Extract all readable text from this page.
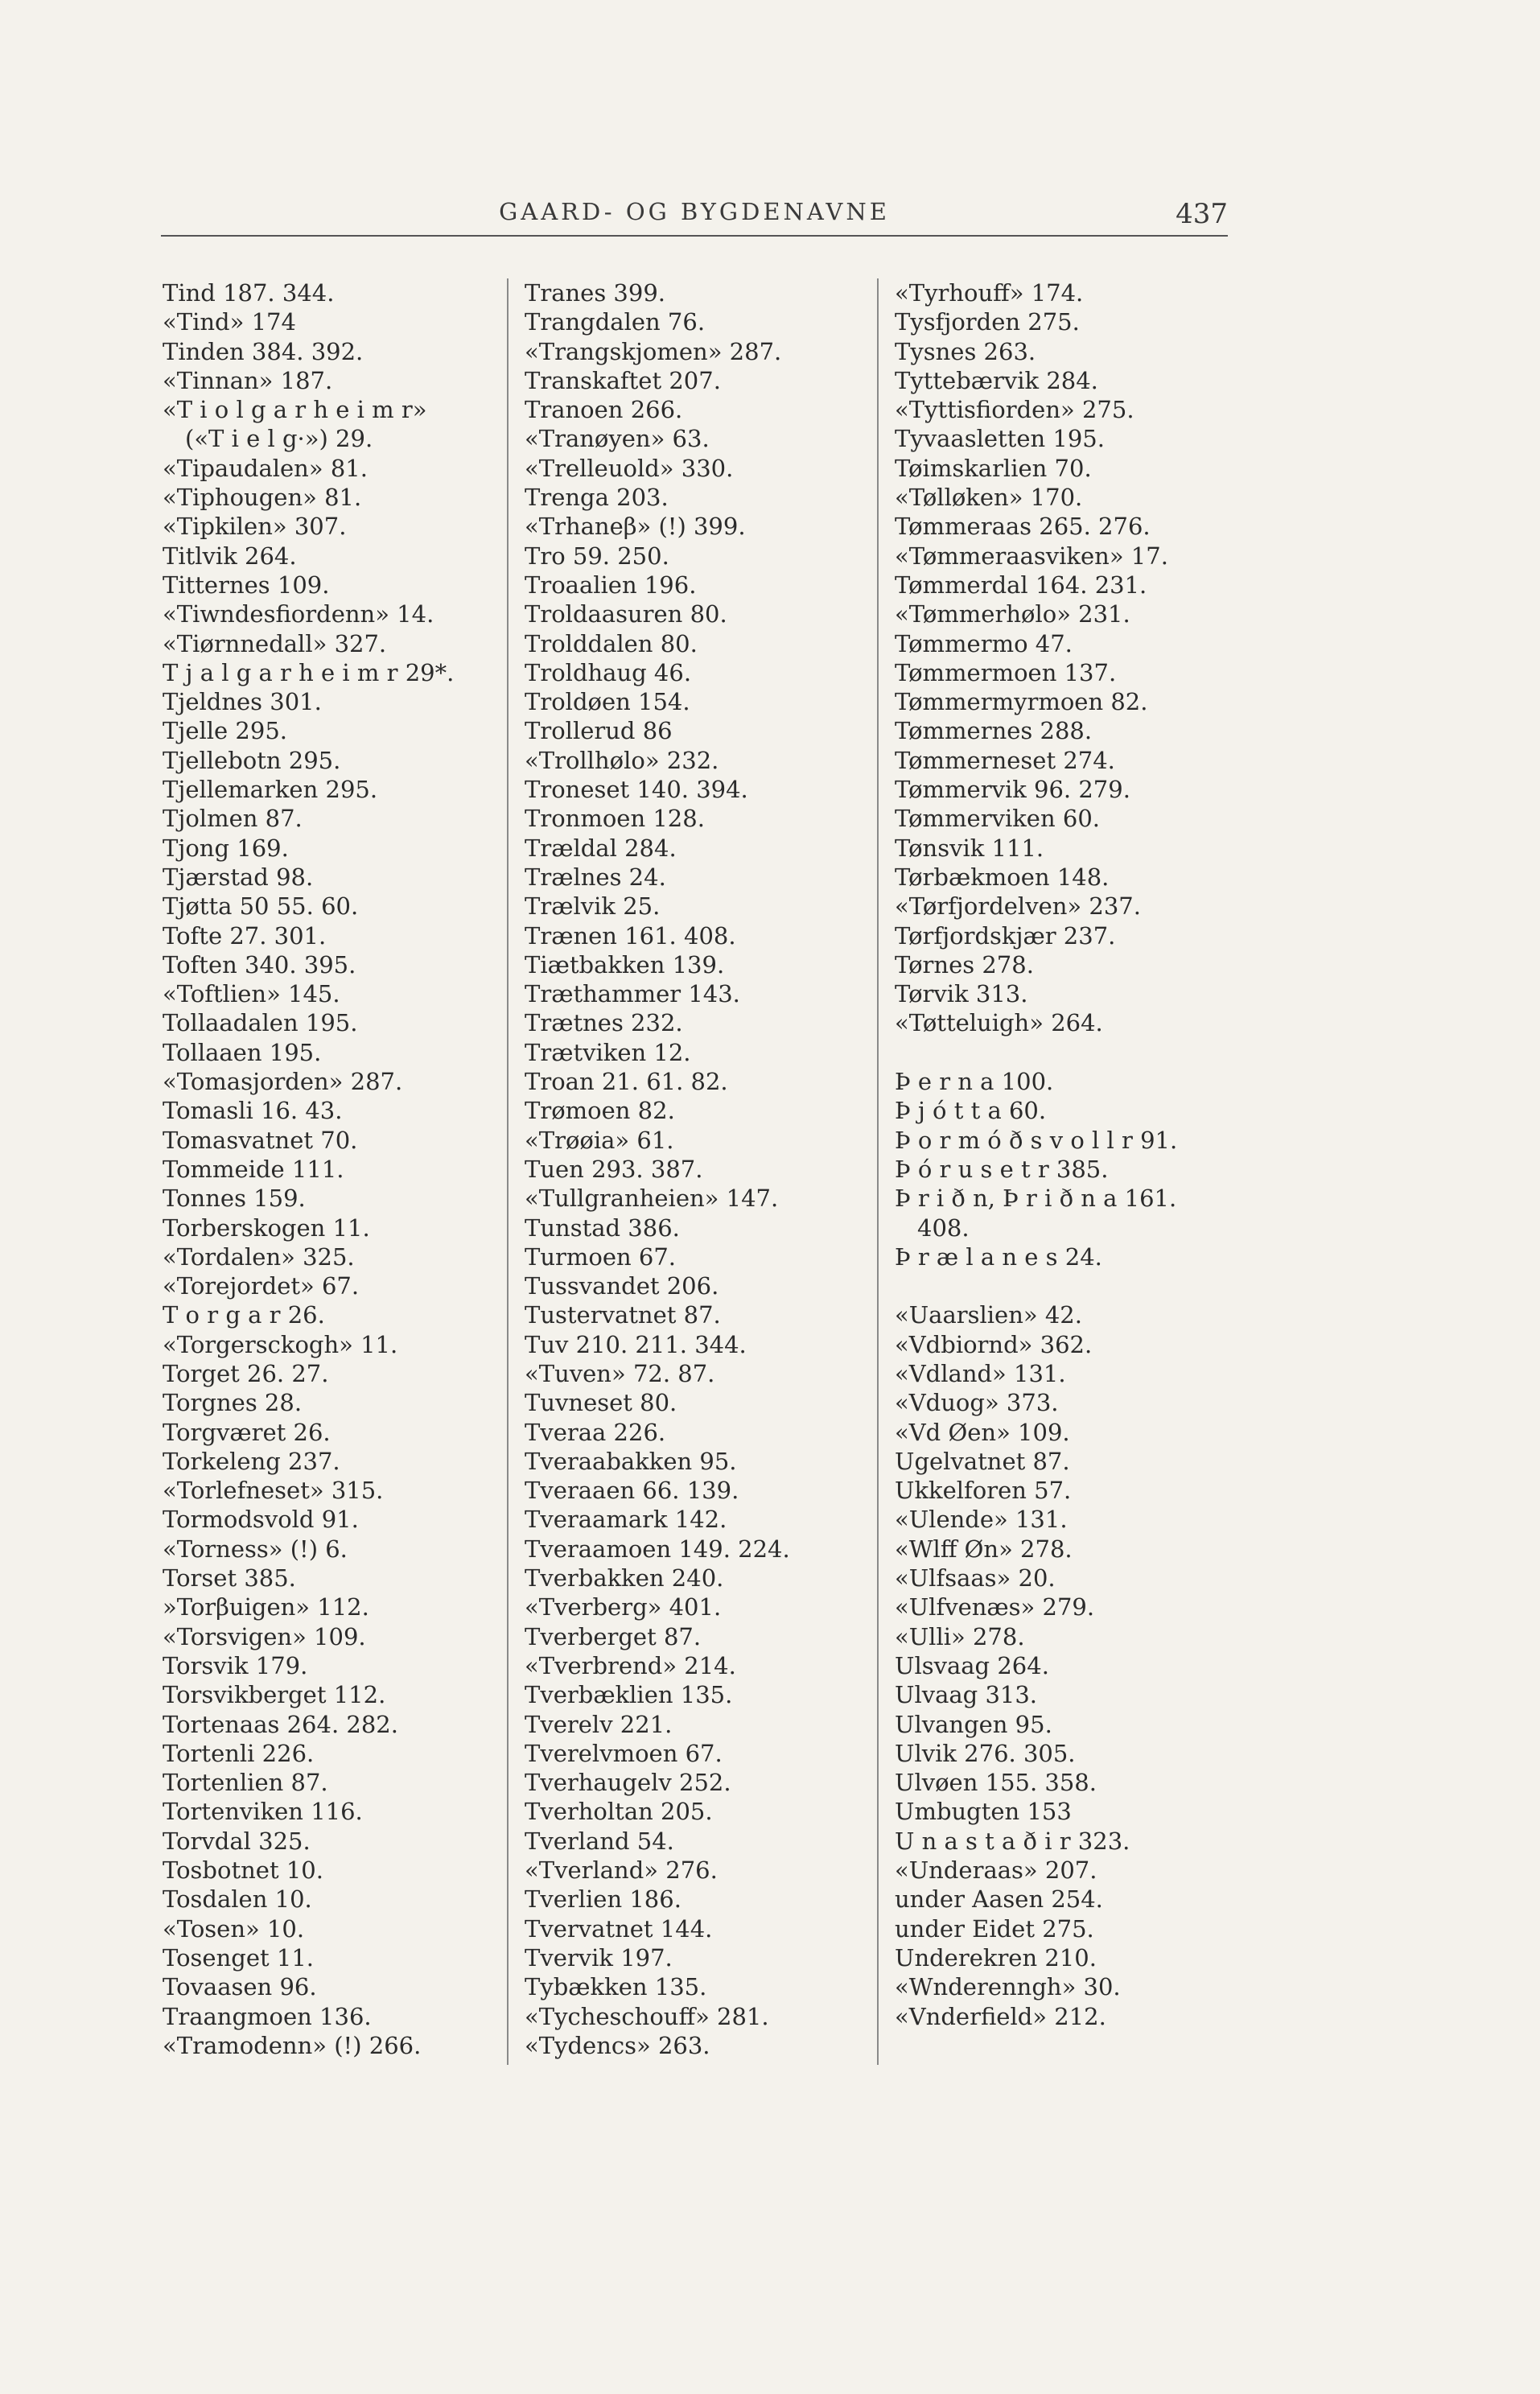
GAARD- OG BYGDENAVNE	437
Tind 187. 344.
«Tind» 174
Tinden 384. 392.
«Tinnan» 187.
«T i o l g a r h e i m r»
(«T i e l g·») 29.
«Tipaudalen» 81.
«Tiphougen» 81.
«Tipkilen» 307.
Titlvik 264.
Titternes 109.
«Tiwndesfiordenn» 14.
«Tiørnnedall» 327.
T j a l g a r h e i m r 29*.
Tjeldnes 301.
Tjelle 295.
Tjellebotn 295.
Tjellemarken 295.
Tjolmen 87.
Tjong 169.
Tjærstad 98.
Tjøtta 50 55. 60.
Tofte 27. 301.
Toften 340. 395.
«Toftlien» 145.
Tollaadalen 195.
Tollaaen 195.
«Tomasjorden» 287.
Tomasli 16. 43.
Tomasvatnet 70.
Tommeide 111.
Tonnes 159.
Torberskogen 11.
«Tordalen» 325.
«Torejordet» 67.
T o r g a r 26.
«Torgersckogh» 11.
Torget 26. 27.
Torgnes 28.
Torgværet 26.
Torkeleng 237.
«Torlefneset» 315.
Tormodsvold 91.
«Torness» (!) 6.
Torset 385.
»Torβuigen» 112.
«Torsvigen» 109.
Torsvik 179.
Torsvikberget 112.
Tortenaas 264. 282.
Tortenli 226.
Tortenlien 87.
Tortenviken 116.
Torvdal 325.
Tosbotnet 10.
Tosdalen 10.
«Tosen» 10.
Tosenget 11.
Tovaasen 96.
Traangmoen 136.
«Tramodenn» (!) 266.
Tranes 399.
Trangdalen 76.
«Trangskjomen» 287.
Transkaftet 207.
Tranoen 266.
«Tranøyen» 63.
«Trelleuold» 330.
Trenga 203.
«Trhaneβ» (!) 399.
Tro 59. 250.
Troaalien 196.
Troldaasuren 80.
Trolddalen 80.
Troldhaug 46.
Troldøen 154.
Trollerud 86
«Trollhølo» 232.
Troneset 140. 394.
Tronmoen 128.
Trældal 284.
Trælnes 24.
Trælvik 25.
Trænen 161. 408.
Tiætbakken 139.
Træthammer 143.
Trætnes 232.
Trætviken 12.
Troan 21. 61. 82.
Trømoen 82.
«Trøøia» 61.
Tuen 293. 387.
«Tullgranheien» 147.
Tunstad 386.
Turmoen 67.
Tussvandet 206.
Tustervatnet 87.
Tuv 210. 211. 344.
«Tuven» 72. 87.
Tuvneset 80.
Tveraa 226.
Tveraabakken 95.
Tveraaen 66. 139.
Tveraamark 142.
Tveraamoen 149. 224.
Tverbakken 240.
«Tverberg» 401.
Tverberget 87.
«Tverbrend» 214.
Tverbæklien 135.
Tverelv 221.
Tverelvmoen 67.
Tverhaugelv 252.
Tverholtan 205.
Tverland 54.
«Tverland» 276.
Tverlien 186.
Tvervatnet 144.
Tvervik 197.
Tybækken 135.
«Tycheschouff» 281.
«Tydencs» 263.
«Tyrhouff» 174.
Tysfjorden 275.
Tysnes 263.
Tyttebærvik 284.
«Tyttisfiorden» 275.
Tyvaasletten 195.
Tøimskarlien 70.
«Tølløken» 170.
Tømmeraas 265. 276.
«Tømmeraasviken» 17.
Tømmerdal 164. 231.
«Tømmerhølo» 231.
Tømmermo 47.
Tømmermoen 137.
Tømmermyrmoen 82.
Tømmernes 288.
Tømmerneset 274.
Tømmervik 96. 279.
Tømmerviken 60.
Tønsvik 111.
Tørbækmoen 148.
«Tørfjordelven» 237.
Tørfjordskjær 237.
Tørnes 278.
Tørvik 313.
«Tøtteluigh» 264.
Þ e r n a 100.
Þ j ó t t a 60.
Þ o r m ó ð s v o l l r 91.
Þ ó r u s e t r 385.
Þ r i ð n, Þ r i ð n a 161.
408.
Þ r æ l a n e s 24.
«Uaarslien» 42.
«Vdbiornd» 362.
«Vdland» 131.
«Vduog» 373.
«Vd Øen» 109.
Ugelvatnet 87.
Ukkelforen 57.
«Ulende» 131.
«Wlff Øn» 278.
«Ulfsaas» 20.
«Ulfvenæs» 279.
«Ulli» 278.
Ulsvaag 264.
Ulvaag 313.
Ulvangen 95.
Ulvik 276. 305.
Ulvøen 155. 358.
Umbugten 153
U n a s t a ð i r 323.
«Underaas» 207.
under Aasen 254.
under Eidet 275.
Underekren 210.
«Wnderenngh» 30.
«Vnderfield» 212.
